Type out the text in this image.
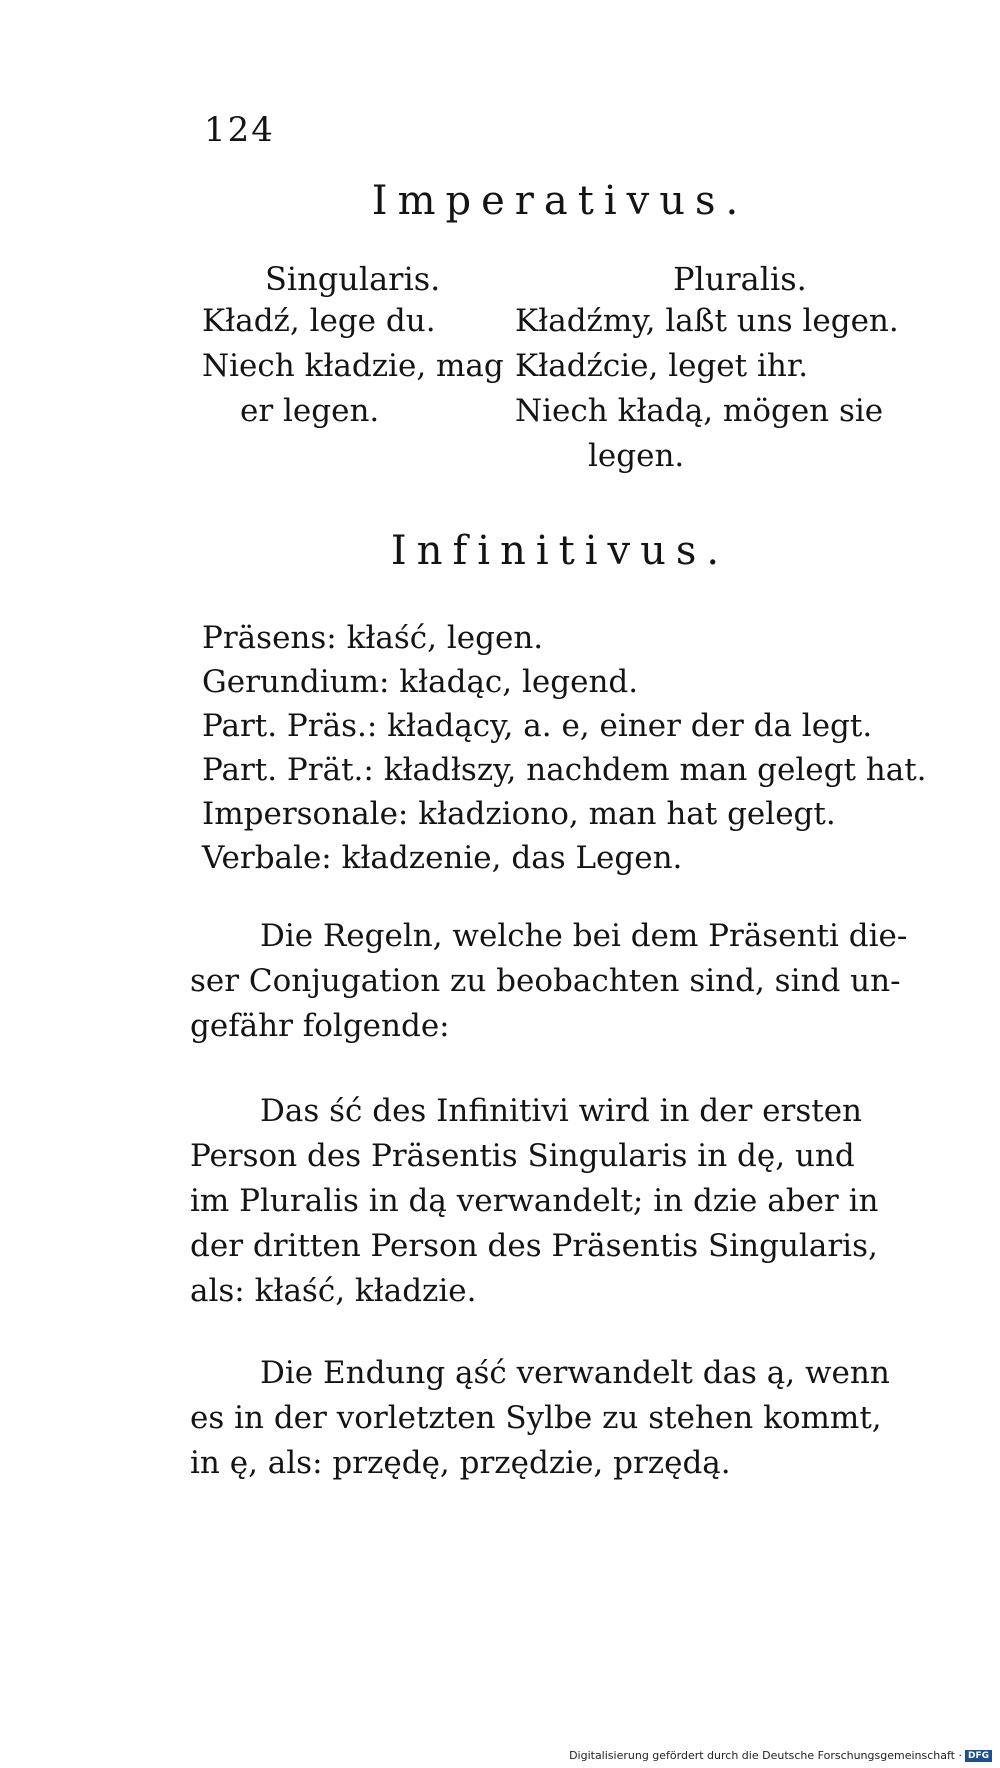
124
Imperativus.
Singularis.	Pluralis.
Kładź, lege du.
Niech kładzie, mag
er legen.
Kładźmy, laßt uns legen.
Kładźcie, leget ihr.
Niech kładą, mögen sie
legen.
Infinitivus.
Präsens: kłaść, legen.
Gerundium: kładąc, legend.
Part. Präs.: kładący, a. e, einer der da legt.
Part. Prät.: kładłszy, nachdem man gelegt hat.
Impersonale: kładziono, man hat gelegt.
Verbale: kładzenie, das Legen.
Die Regeln, welche bei dem Präsenti die-
ser Conjugation zu beobachten sind, sind un-
gefähr folgende:
Das ść des Infinitivi wird in der ersten
Person des Präsentis Singularis in dę, und
im Pluralis in dą verwandelt; in dzie aber in
der dritten Person des Präsentis Singularis,
als: kłaść, kładzie.
Die Endung ąść verwandelt das ą, wenn
es in der vorletzten Sylbe zu stehen kommt,
in ę, als: przędę, przędzie, przędą.
Digitalisierung gefördert durch die Deutsche Forschungsgemeinschaft · DFG
